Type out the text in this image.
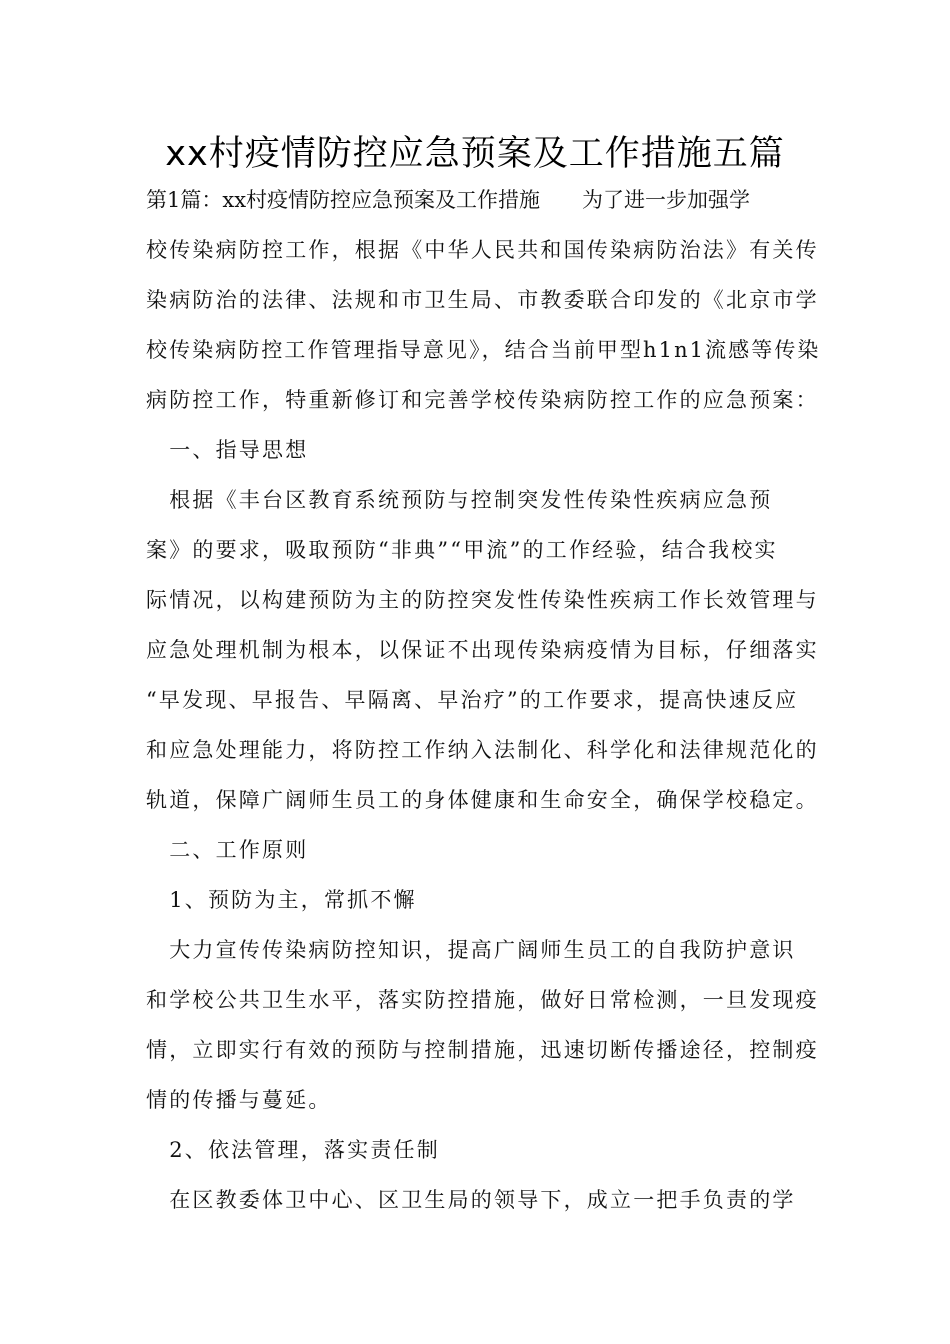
xx村疫情防控应急预案及工作措施五篇
第1篇：xx村疫情防控应急预案及工作措施　　为了进一步加强学
校传染病防控工作，根据《中华人民共和国传染病防治法》有关传
染病防治的法律、法规和市卫生局、市教委联合印发的《北京市学
校传染病防控工作管理指导意见》，结合当前甲型h1n1流感等传染
病防控工作，特重新修订和完善学校传染病防控工作的应急预案：
　一、指导思想
　根据《丰台区教育系统预防与控制突发性传染性疾病应急预
案》的要求，吸取预防“非典”“甲流”的工作经验，结合我校实
际情况，以构建预防为主的防控突发性传染性疾病工作长效管理与
应急处理机制为根本，以保证不出现传染病疫情为目标，仔细落实
“早发现、早报告、早隔离、早治疗”的工作要求，提高快速反应
和应急处理能力，将防控工作纳入法制化、科学化和法律规范化的
轨道，保障广阔师生员工的身体健康和生命安全，确保学校稳定。
　二、工作原则
　1、预防为主，常抓不懈
　大力宣传传染病防控知识，提高广阔师生员工的自我防护意识
和学校公共卫生水平，落实防控措施，做好日常检测，一旦发现疫
情，立即实行有效的预防与控制措施，迅速切断传播途径，控制疫
情的传播与蔓延。
　2、依法管理，落实责任制
　在区教委体卫中心、区卫生局的领导下，成立一把手负责的学
